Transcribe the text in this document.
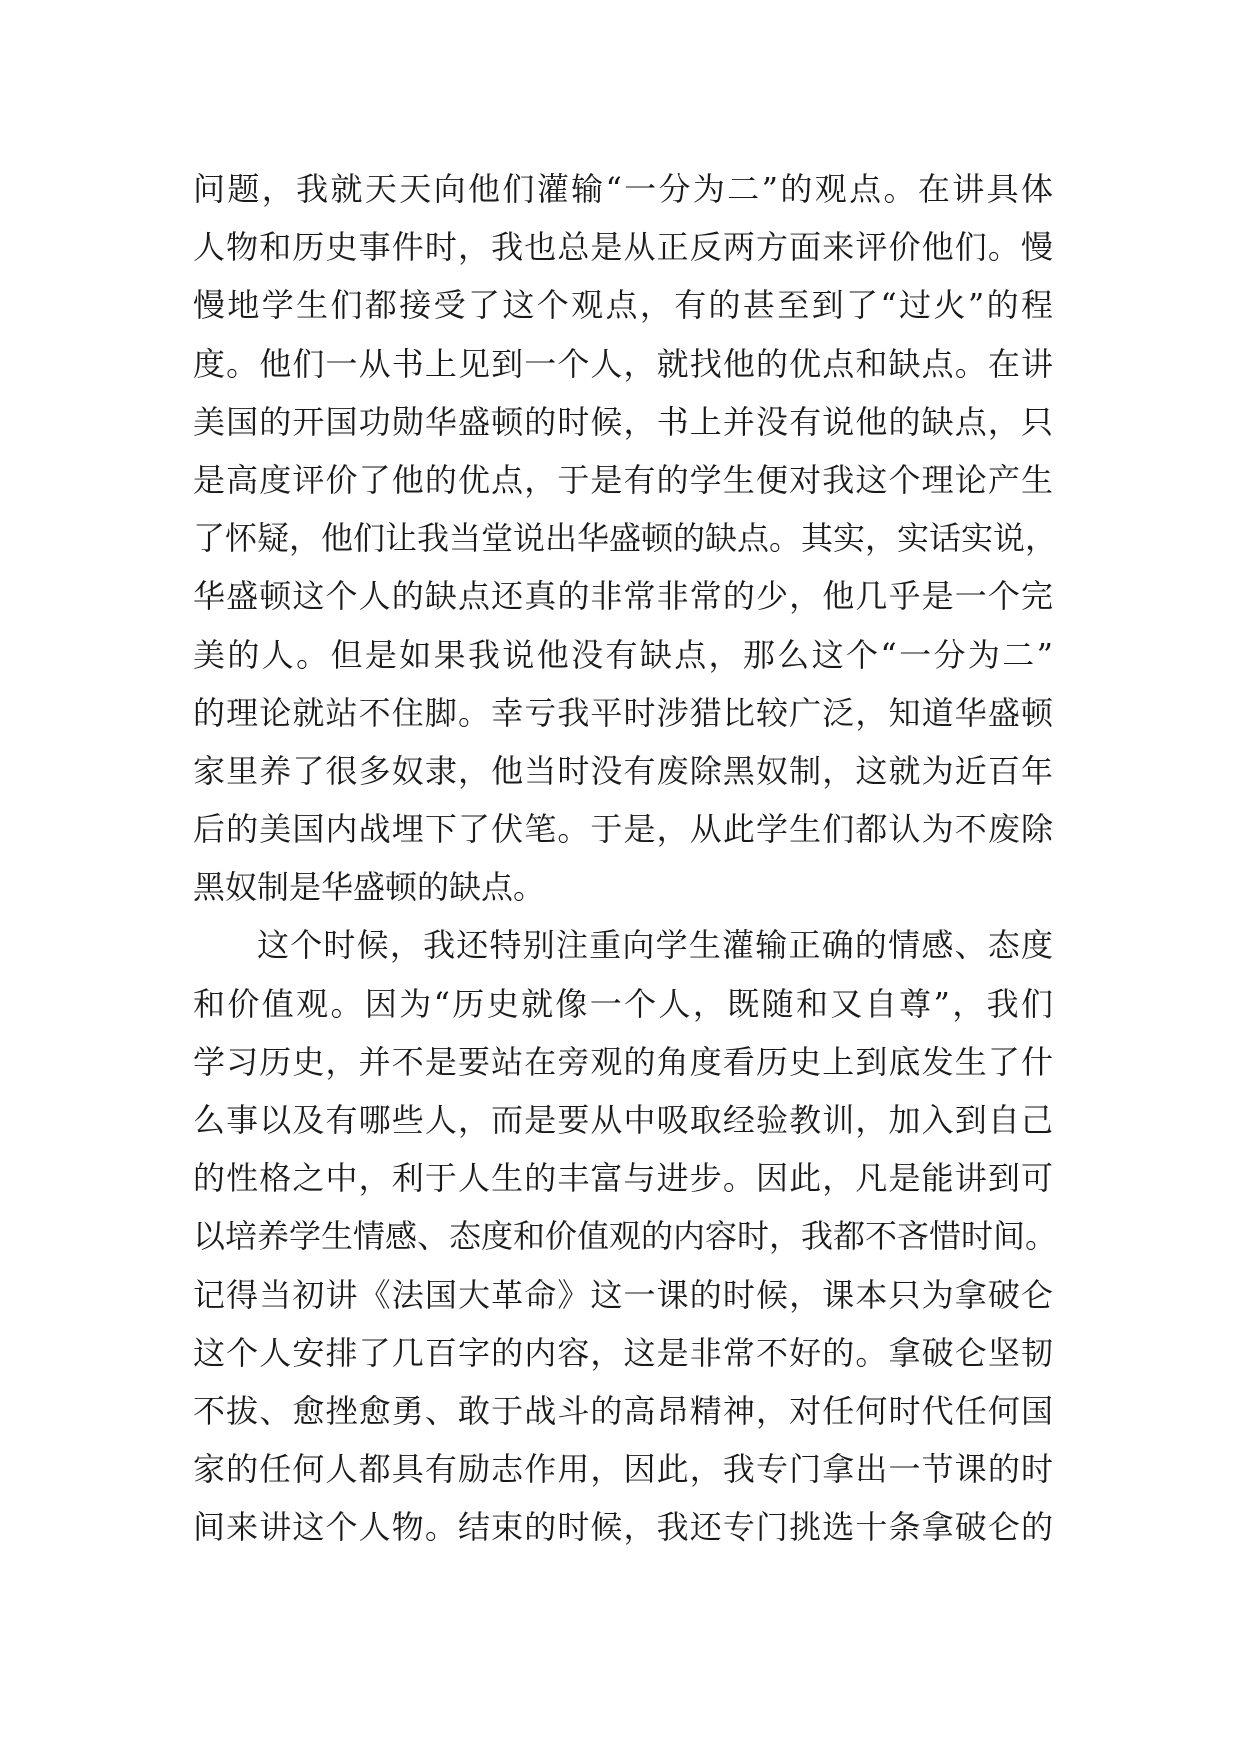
问题，我就天天向他们灌输“一分为二”的观点。在讲具体
人物和历史事件时，我也总是从正反两方面来评价他们。慢
慢地学生们都接受了这个观点，有的甚至到了“过火”的程
度。他们一从书上见到一个人，就找他的优点和缺点。在讲
美国的开国功勋华盛顿的时候，书上并没有说他的缺点，只
是高度评价了他的优点，于是有的学生便对我这个理论产生
了怀疑，他们让我当堂说出华盛顿的缺点。其实，实话实说，
华盛顿这个人的缺点还真的非常非常的少，他几乎是一个完
美的人。但是如果我说他没有缺点，那么这个“一分为二”
的理论就站不住脚。幸亏我平时涉猎比较广泛，知道华盛顿
家里养了很多奴隶，他当时没有废除黑奴制，这就为近百年
后的美国内战埋下了伏笔。于是，从此学生们都认为不废除
黑奴制是华盛顿的缺点。
这个时候，我还特别注重向学生灌输正确的情感、态度
和价值观。因为“历史就像一个人，既随和又自尊”，我们
学习历史，并不是要站在旁观的角度看历史上到底发生了什
么事以及有哪些人，而是要从中吸取经验教训，加入到自己
的性格之中，利于人生的丰富与进步。因此，凡是能讲到可
以培养学生情感、态度和价值观的内容时，我都不吝惜时间。
记得当初讲《法国大革命》这一课的时候，课本只为拿破仑
这个人安排了几百字的内容，这是非常不好的。拿破仑坚韧
不拔、愈挫愈勇、敢于战斗的高昂精神，对任何时代任何国
家的任何人都具有励志作用，因此，我专门拿出一节课的时
间来讲这个人物。结束的时候，我还专门挑选十条拿破仑的
